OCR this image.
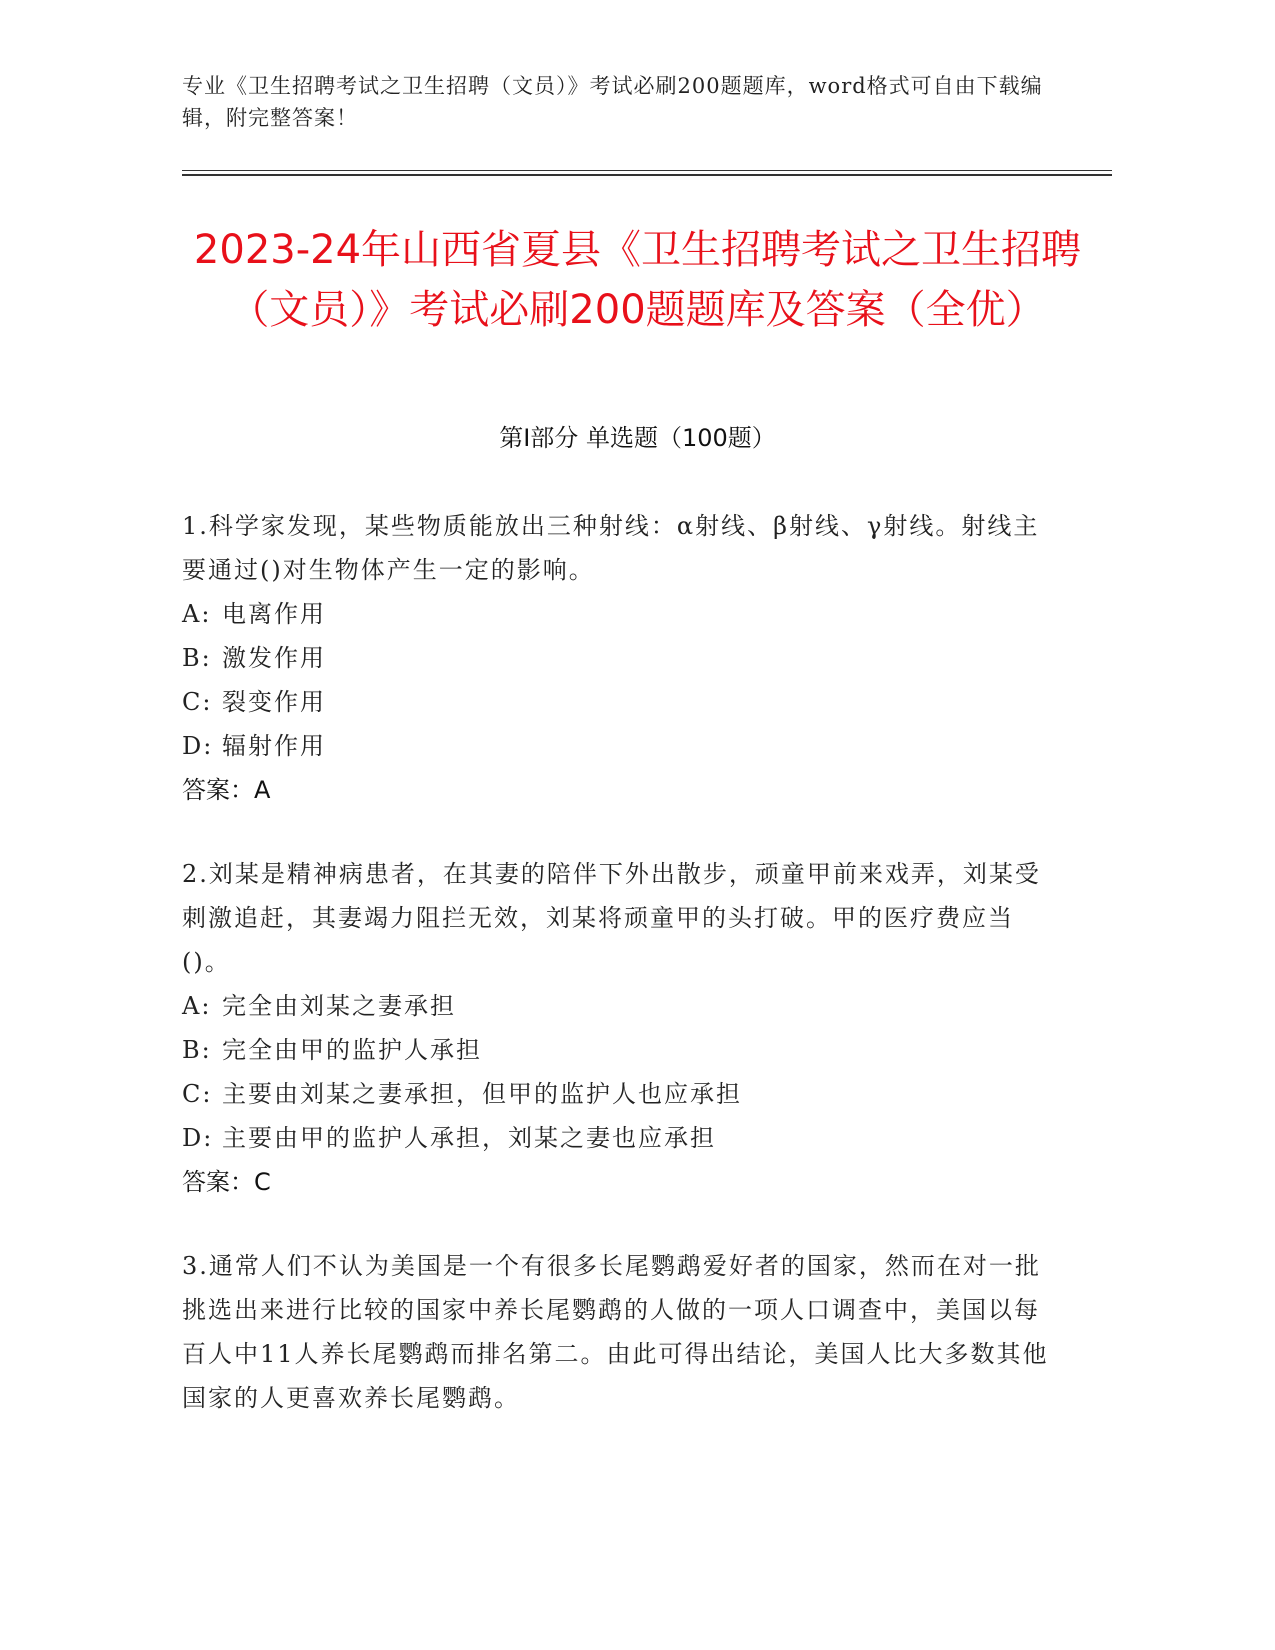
专业《卫生招聘考试之卫生招聘（文员）》考试必刷200题题库，word格式可自由下载编辑，附完整答案！
2023-24年山西省夏县《卫生招聘考试之卫生招聘（文员）》考试必刷200题题库及答案（全优）
第Ⅰ部分 单选题（100题）
1.科学家发现，某些物质能放出三种射线：α射线、β射线、γ射线。射线主要通过()对生物体产生一定的影响。
A: 电离作用
B: 激发作用
C: 裂变作用
D: 辐射作用
答案：A
2.刘某是精神病患者，在其妻的陪伴下外出散步，顽童甲前来戏弄，刘某受刺激追赶，其妻竭力阻拦无效，刘某将顽童甲的头打破。甲的医疗费应当()。
A: 完全由刘某之妻承担
B: 完全由甲的监护人承担
C: 主要由刘某之妻承担，但甲的监护人也应承担
D: 主要由甲的监护人承担，刘某之妻也应承担
答案：C
3.通常人们不认为美国是一个有很多长尾鹦鹉爱好者的国家，然而在对一批挑选出来进行比较的国家中养长尾鹦鹉的人做的一项人口调查中，美国以每百人中11人养长尾鹦鹉而排名第二。由此可得出结论，美国人比大多数其他国家的人更喜欢养长尾鹦鹉。
